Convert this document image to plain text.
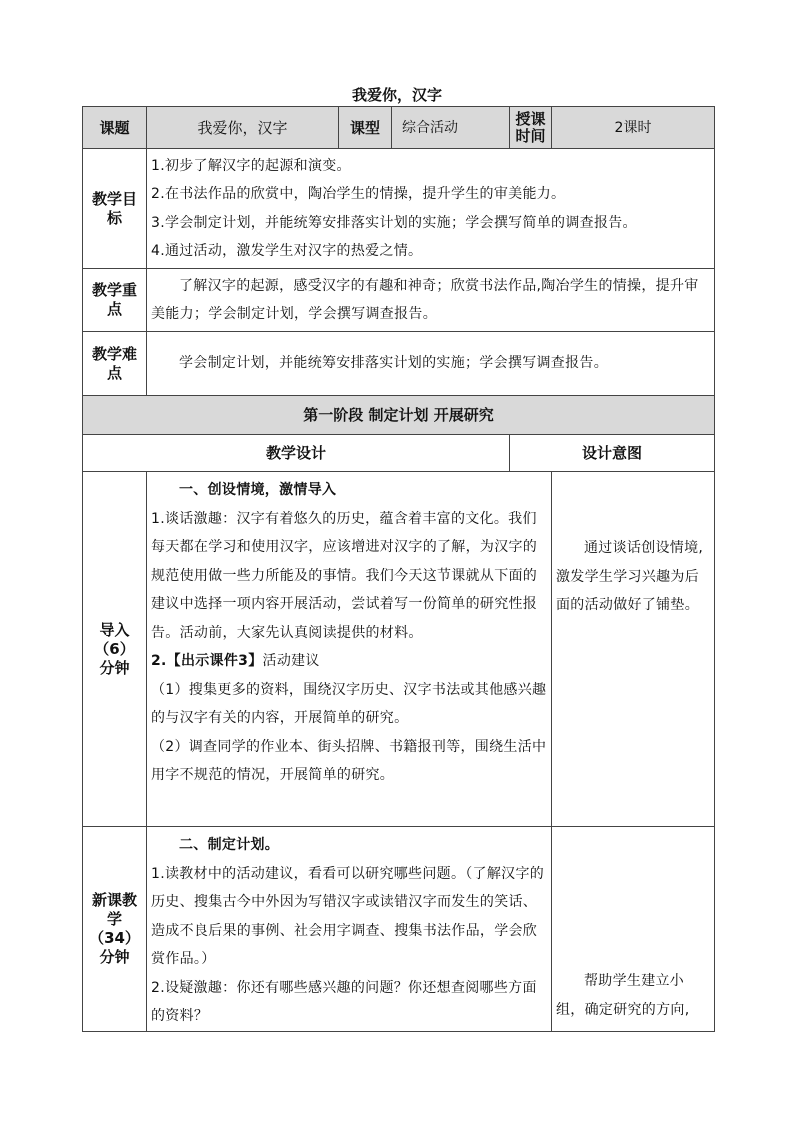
我爱你，汉字
课题	我爱你，汉字	课型	综合活动	授课时间	2课时
教学目标	1.初步了解汉字的起源和演变。

2.在书法作品的欣赏中，陶冶学生的情操，提升学生的审美能力。

3.学会制定计划，并能统筹安排落实计划的实施；学会撰写简单的调查报告。

4.通过活动，激发学生对汉字的热爱之情。				

教学重点	了解汉字的起源，感受汉字的有趣和神奇；欣赏书法作品,陶冶学生的情操，提升审美能力；学会制定计划，学会撰写调查报告。				

教学难点	学会制定计划，并能统筹安排落实计划的实施；学会撰写调查报告。				

第一阶段 制定计划 开展研究					
教学设计				设计意图	
导入（6）分钟	一、创设情境，激情导入

1.谈话激趣：汉字有着悠久的历史，蕴含着丰富的文化。我们每天都在学习和使用汉字，应该增进对汉字的了解，为汉字的规范使用做一些力所能及的事情。我们今天这节课就从下面的建议中选择一项内容开展活动，尝试着写一份简单的研究性报告。活动前，大家先认真阅读提供的材料。

2.【出示课件3】活动建议

（1）搜集更多的资料，围绕汉字历史、汉字书法或其他感兴趣的与汉字有关的内容，开展简单的研究。

（2）调查同学的作业本、街头招牌、书籍报刊等，围绕生活中用字不规范的情况，开展简单的研究。				通过谈话创设情境,激发学生学习兴趣为后面的活动做好了铺垫。

新课教学（34）分钟	二、制定计划。

1.读教材中的活动建议，看看可以研究哪些问题。（了解汉字的历史、搜集古今中外因为写错汉字或读错汉字而发生的笑话、造成不良后果的事例、社会用字调查、搜集书法作品，学会欣赏作品。）

2.设疑激趣：你还有哪些感兴趣的问题？你还想查阅哪些方面的资料？				帮助学生建立小组，确定研究的方向,
